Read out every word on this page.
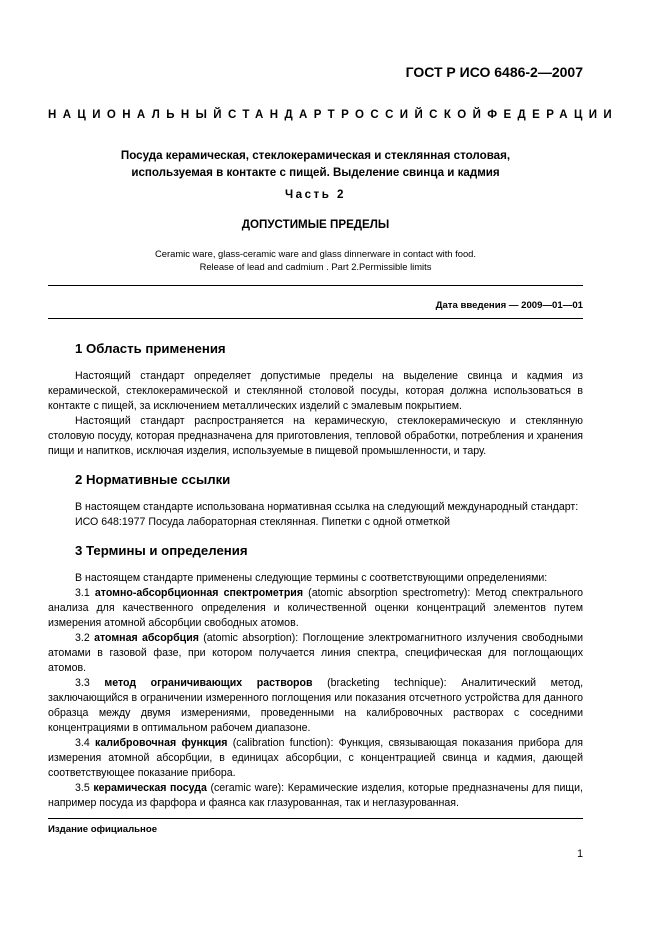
ГОСТ Р ИСО 6486-2—2007
НАЦИОНАЛЬНЫЙ СТАНДАРТ РОССИЙСКОЙ ФЕДЕРАЦИИ
Посуда керамическая, стеклокерамическая и стеклянная столовая,
используемая в контакте с пищей. Выделение свинца и кадмия
Часть 2
ДОПУСТИМЫЕ ПРЕДЕЛЫ
Ceramic ware, glass-ceramic ware and glass dinnerware in contact with food.
Release of lead and cadmium . Part 2.Permissible limits
Дата введения — 2009—01—01
1 Область применения

Настоящий стандарт определяет допустимые пределы на выделение свинца и кадмия из керамической, стеклокерамической и стеклянной столовой посуды, которая должна использоваться в контакте с пищей, за исключением металлических изделий с эмалевым покрытием.

Настоящий стандарт распространяется на керамическую, стеклокерамическую и стеклянную столовую посуду, которая предназначена для приготовления, тепловой обработки, потребления и хранения пищи и напитков, исключая изделия, используемые в пищевой промышленности, и тару.

2 Нормативные ссылки

В настоящем стандарте использована нормативная ссылка на следующий международный стандарт:

ИСО 648:1977 Посуда лабораторная стеклянная. Пипетки с одной отметкой

3 Термины и определения

В настоящем стандарте применены следующие термины с соответствующими определениями:

3.1 атомно-абсорбционная спектрометрия (atomic absorption spectrometry): Метод спектрального анализа для качественного определения и количественной оценки концентраций элементов путем измерения атомной абсорбции свободных атомов.

3.2 атомная абсорбция (atomic absorption): Поглощение электромагнитного излучения свободными атомами в газовой фазе, при котором получается линия спектра, специфическая для поглощающих атомов.

3.3 метод ограничивающих растворов (bracketing technique): Аналитический метод, заключающийся в ограничении измеренного поглощения или показания отсчетного устройства для данного образца между двумя измерениями, проведенными на калибровочных растворах с соседними концентрациями в оптимальном рабочем диапазоне.

3.4 калибровочная функция (calibration function): Функция, связывающая показания прибора для измерения атомной абсорбции, в единицах абсорбции, с концентрацией свинца и кадмия, дающей соответствующее показание прибора.

3.5 керамическая посуда (ceramic ware): Керамические изделия, которые предназначены для пищи, например посуда из фарфора и фаянса как глазурованная, так и неглазурованная.

Издание официальное
1
